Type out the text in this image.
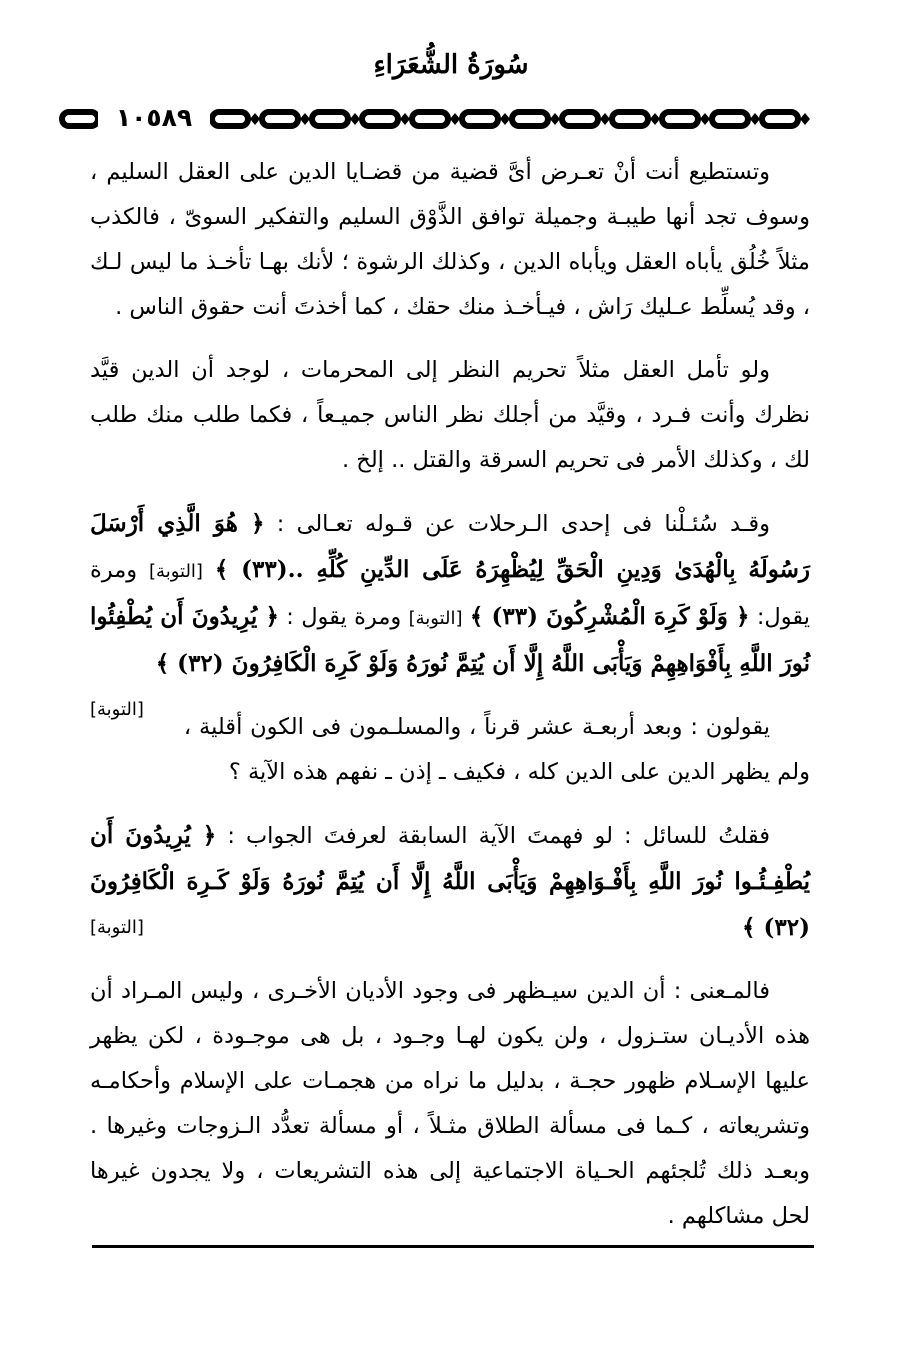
سُورَةُ الشُّعَرَاءِ
١٠٥٨٩

وتستطيع أنت أنْ تعـرض أىَّ قضية من قضـايا الدين على العقل السليم ، وسوف تجد أنها طيبـة وجميلة توافق الذَّوْق السليم والتفكير السوىّ ، فالكذب مثلاً خُلُق يأباه العقل ويأباه الدين ، وكذلك الرشوة ؛ لأنك بهـا تأخـذ ما ليس لـك ، وقد يُسلِّط عـليك رَاش ، فيـأخـذ منك حقك ، كما أخذتَ أنت حقوق الناس .

ولو تأمل العقل مثلاً تحريم النظر إلى المحرمات ، لوجد أن الدين قيَّد نظرك وأنت فـرد ، وقيَّد من أجلك نظر الناس جميـعاً ، فكما طلب منك طلب لك ، وكذلك الأمر فى تحريم السرقة والقتل .. إلخ .

وقـد سُئـلْنا فى إحدى الـرحلات عن قـوله تعـالى : ﴿ هُوَ الَّذِي أَرْسَلَ رَسُولَهُ بِالْهُدَىٰ وَدِينِ الْحَقِّ لِيُظْهِرَهُ عَلَى الدِّينِ كُلِّهِ ..(٣٣) ﴾ [التوبة] ومرة يقول: ﴿ وَلَوْ كَرِهَ الْمُشْرِكُونَ (٣٣) ﴾ [التوبة] ومرة يقول : ﴿ يُرِيدُونَ أَن يُطْفِئُوا نُورَ اللَّهِ بِأَفْوَاهِهِمْ وَيَأْبَى اللَّهُ إِلَّا أَن يُتِمَّ نُورَهُ وَلَوْ كَرِهَ الْكَافِرُونَ (٣٢) ﴾
[التوبة]

يقولون : وبعد أربعـة عشر قرناً ، والمسلـمون فى الكون أقلية ، ولم يظهر الدين على الدين كله ، فكيف ـ إذن ـ نفهم هذه الآية ؟

فقلتُ للسائل : لو فهمتَ الآية السابقة لعرفتَ الجواب : ﴿ يُرِيدُونَ أَن يُطْفِـئُـوا نُورَ اللَّهِ بِأَفْـوَاهِهِمْ وَيَأْبَى اللَّهُ إِلَّا أَن يُتِمَّ نُورَهُ وَلَوْ كَـرِهَ الْكَافِرُونَ (٣٢) ﴾
[التوبة]

فالمـعنى : أن الدين سيـظهر فى وجود الأديان الأخـرى ، وليس المـراد أن هذه الأديـان ستـزول ، ولن يكون لهـا وجـود ، بل هى موجـودة ، لكن يظهر عليها الإسـلام ظهور حجـة ، بدليل ما نراه من هجمـات على الإسلام وأحكامـه وتشريعاته ، كـما فى مسألة الطلاق مثـلاً ، أو مسألة تعدُّد الـزوجات وغيرها . وبعـد ذلك تُلجئهم الحـياة الاجتماعية إلى هذه التشريعات ، ولا يجدون غيرها لحل مشاكلهم .
